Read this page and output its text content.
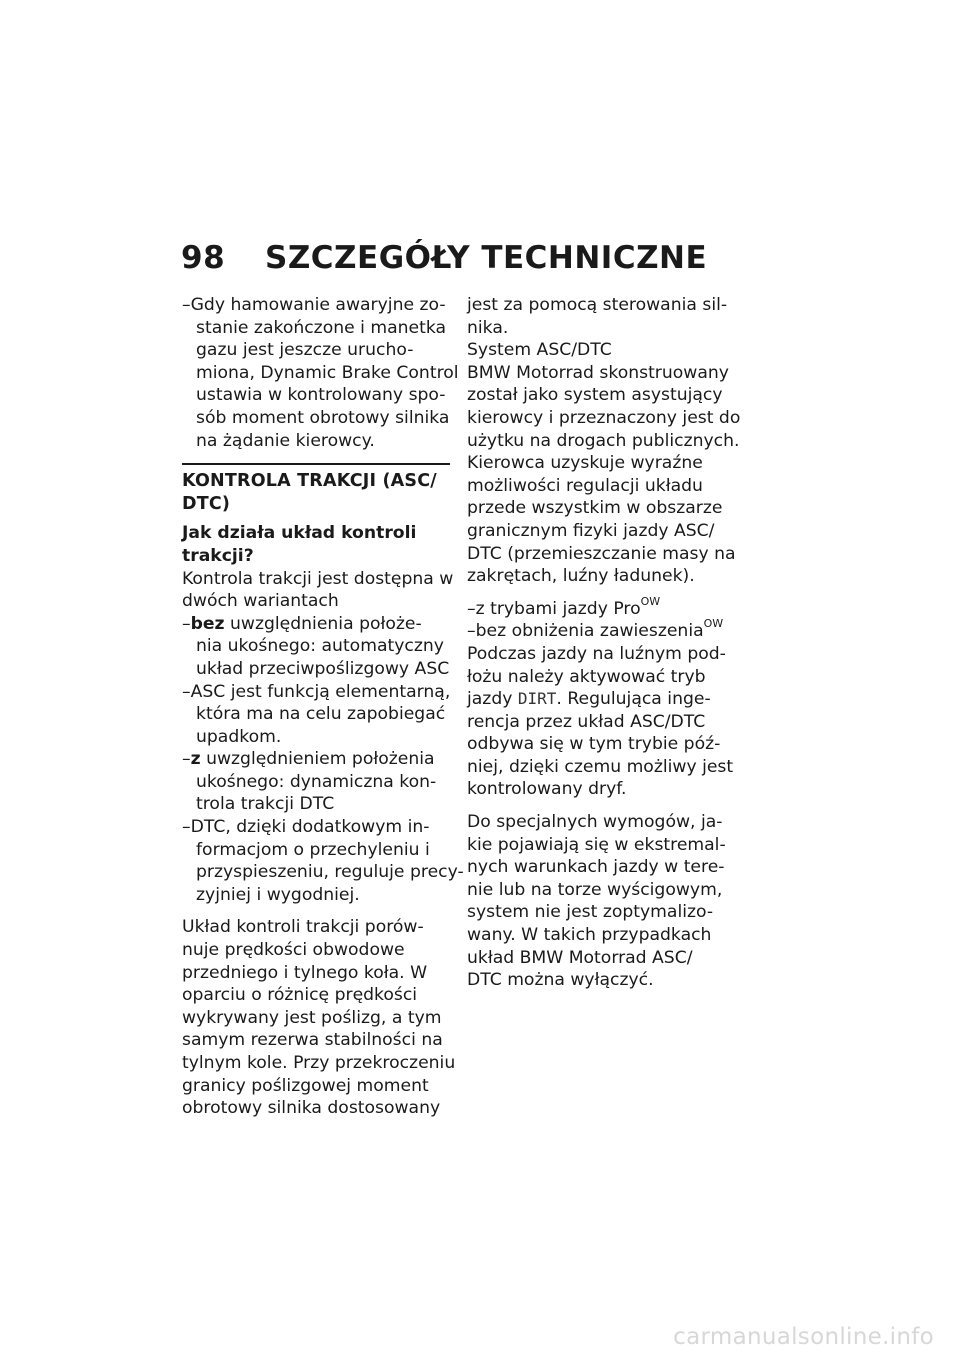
98 SZCZEGÓŁY TECHNICZNE
–Gdy hamowanie awaryjne zo-
stanie zakończone i manetka
gazu jest jeszcze urucho-
miona, Dynamic Brake Control
ustawia w kontrolowany spo-
sób moment obrotowy silnika
na żądanie kierowcy.
KONTROLA TRAKCJI (ASC/
DTC)
Jak działa układ kontroli
trakcji?
Kontrola trakcji jest dostępna w
dwóch wariantach
–bez uwzględnienia położe-
nia ukośnego: automatyczny
układ przeciwpoślizgowy ASC
–ASC jest funkcją elementarną,
która ma na celu zapobiegać
upadkom.
–z uwzględnieniem położenia
ukośnego: dynamiczna kon-
trola trakcji DTC
–DTC, dzięki dodatkowym in-
formacjom o przechyleniu i
przyspieszeniu, reguluje precy-
zyjniej i wygodniej.
Układ kontroli trakcji porów-
nuje prędkości obwodowe
przedniego i tylnego koła. W
oparciu o różnicę prędkości
wykrywany jest poślizg, a tym
samym rezerwa stabilności na
tylnym kole. Przy przekroczeniu
granicy poślizgowej moment
obrotowy silnika dostosowany
jest za pomocą sterowania sil-
nika.
System ASC/DTC
BMW Motorrad skonstruowany
został jako system asystujący
kierowcy i przeznaczony jest do
użytku na drogach publicznych.
Kierowca uzyskuje wyraźne
możliwości regulacji układu
przede wszystkim w obszarze
granicznym fizyki jazdy ASC/
DTC (przemieszczanie masy na
zakrętach, luźny ładunek).
–z trybami jazdy Pro$^{OW}$
–bez obniżenia zawieszenia$^{OW}$
Podczas jazdy na luźnym pod-
łożu należy aktywować tryb
jazdy DIRT. Regulująca inge-
rencja przez układ ASC/DTC
odbywa się w tym trybie póź-
niej, dzięki czemu możliwy jest
kontrolowany dryf.
Do specjalnych wymogów, ja-
kie pojawiają się w ekstremal-
nych warunkach jazdy w tere-
nie lub na torze wyścigowym,
system nie jest zoptymalizo-
wany. W takich przypadkach
układ BMW Motorrad ASC/
DTC można wyłączyć.
carmanualsonline.info
